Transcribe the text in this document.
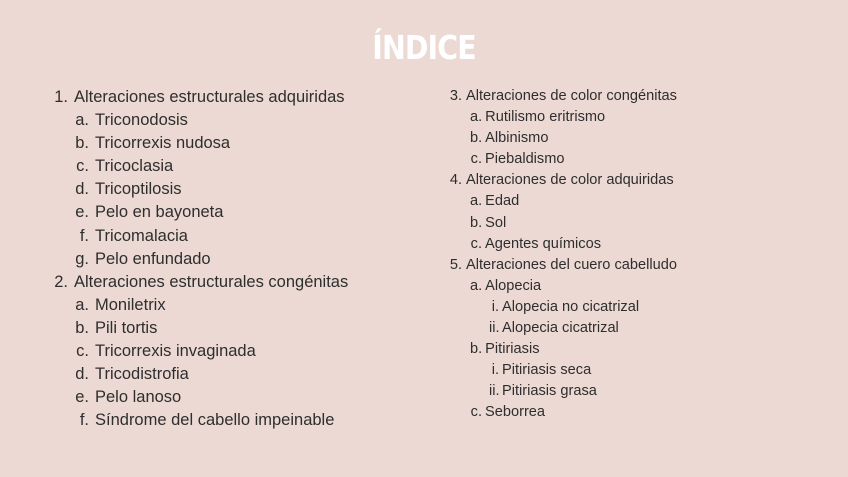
ÍNDICE
1. Alteraciones estructurales adquiridas
a. Triconodosis
b. Tricorrexis nudosa
c. Tricoclasia
d. Tricoptilosis
e. Pelo en bayoneta
f. Tricomalacia
g. Pelo enfundado
2. Alteraciones estructurales congénitas
a. Moniletrix
b. Pili tortis
c. Tricorrexis invaginada
d. Tricodistrofia
e. Pelo lanoso
f. Síndrome del cabello impeinable
3. Alteraciones de color congénitas
a. Rutilismo eritrismo
b. Albinismo
c. Piebaldismo
4. Alteraciones de color adquiridas
a. Edad
b. Sol
c. Agentes químicos
5. Alteraciones del cuero cabelludo
a. Alopecia
i. Alopecia no cicatrizal
ii. Alopecia cicatrizal
b. Pitiriasis
i. Pitiriasis seca
ii. Pitiriasis grasa
c. Seborrea
